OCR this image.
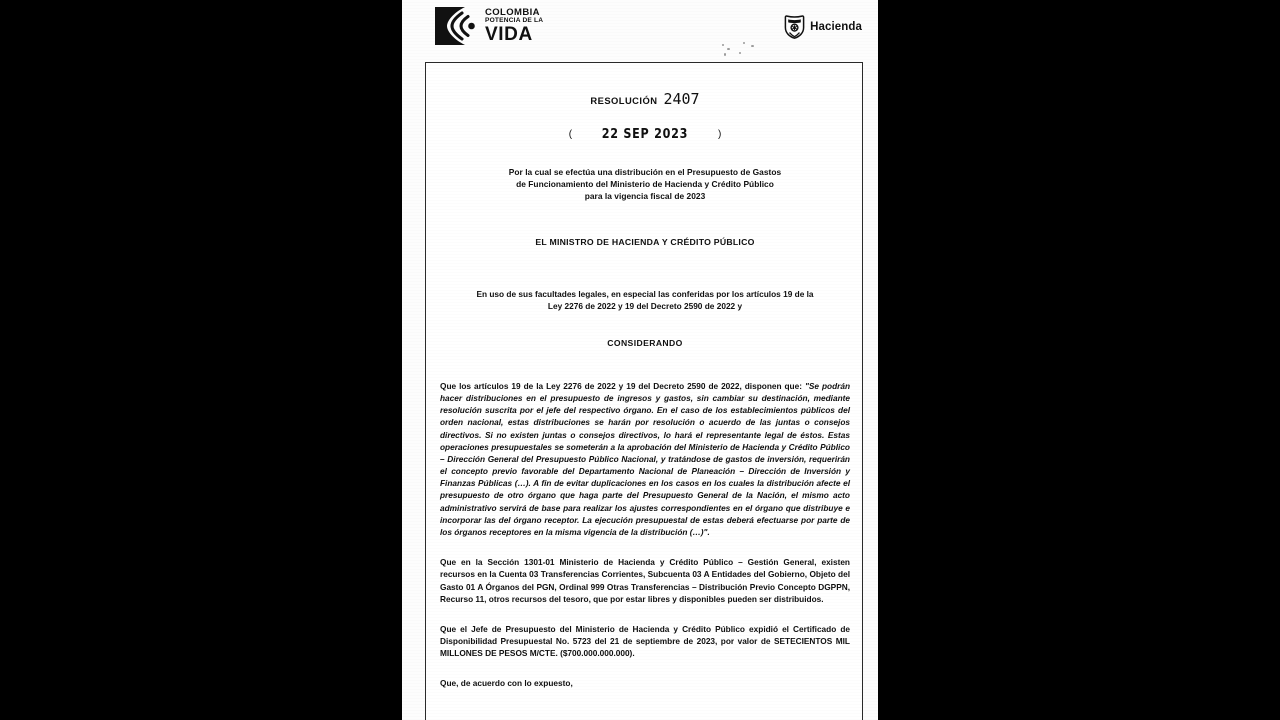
COLOMBIA
POTENCIA DE LA
VIDA	Hacienda
RESOLUCIÓN 2407
( 22 SEP 2023	)
Por la cual se efectúa una distribución en el Presupuesto de Gastos
de Funcionamiento del Ministerio de Hacienda y Crédito Público
para la vigencia fiscal de 2023
EL MINISTRO DE HACIENDA Y CRÉDITO PÚBLICO
En uso de sus facultades legales, en especial las conferidas por los artículos 19 de la
Ley 2276 de 2022 y 19 del Decreto 2590 de 2022 y
CONSIDERANDO

Que los artículos 19 de la Ley 2276 de 2022 y 19 del Decreto 2590 de 2022, disponen que: "Se podrán hacer distribuciones en el presupuesto de ingresos y gastos, sin cambiar su destinación, mediante resolución suscrita por el jefe del respectivo órgano. En el caso de los establecimientos públicos del orden nacional, estas distribuciones se harán por resolución o acuerdo de las juntas o consejos directivos. Si no existen juntas o consejos directivos, lo hará el representante legal de éstos. Estas operaciones presupuestales se someterán a la aprobación del Ministerio de Hacienda y Crédito Público – Dirección General del Presupuesto Público Nacional, y tratándose de gastos de inversión, requerirán el concepto previo favorable del Departamento Nacional de Planeación – Dirección de Inversión y Finanzas Públicas (…). A fin de evitar duplicaciones en los casos en los cuales la distribución afecte el presupuesto de otro órgano que haga parte del Presupuesto General de la Nación, el mismo acto administrativo servirá de base para realizar los ajustes correspondientes en el órgano que distribuye e incorporar las del órgano receptor. La ejecución presupuestal de estas deberá efectuarse por parte de los órganos receptores en la misma vigencia de la distribución (…)".

Que en la Sección 1301-01 Ministerio de Hacienda y Crédito Público – Gestión General, existen recursos en la Cuenta 03 Transferencias Corrientes, Subcuenta 03 A Entidades del Gobierno, Objeto del Gasto 01 A Órganos del PGN, Ordinal 999 Otras Transferencias – Distribución Previo Concepto DGPPN, Recurso 11, otros recursos del tesoro, que por estar libres y disponibles pueden ser distribuidos.

Que el Jefe de Presupuesto del Ministerio de Hacienda y Crédito Público expidió el Certificado de Disponibilidad Presupuestal No. 5723 del 21 de septiembre de 2023, por valor de SETECIENTOS MIL MILLONES DE PESOS M/CTE. ($700.000.000.000).

Que, de acuerdo con lo expuesto,
